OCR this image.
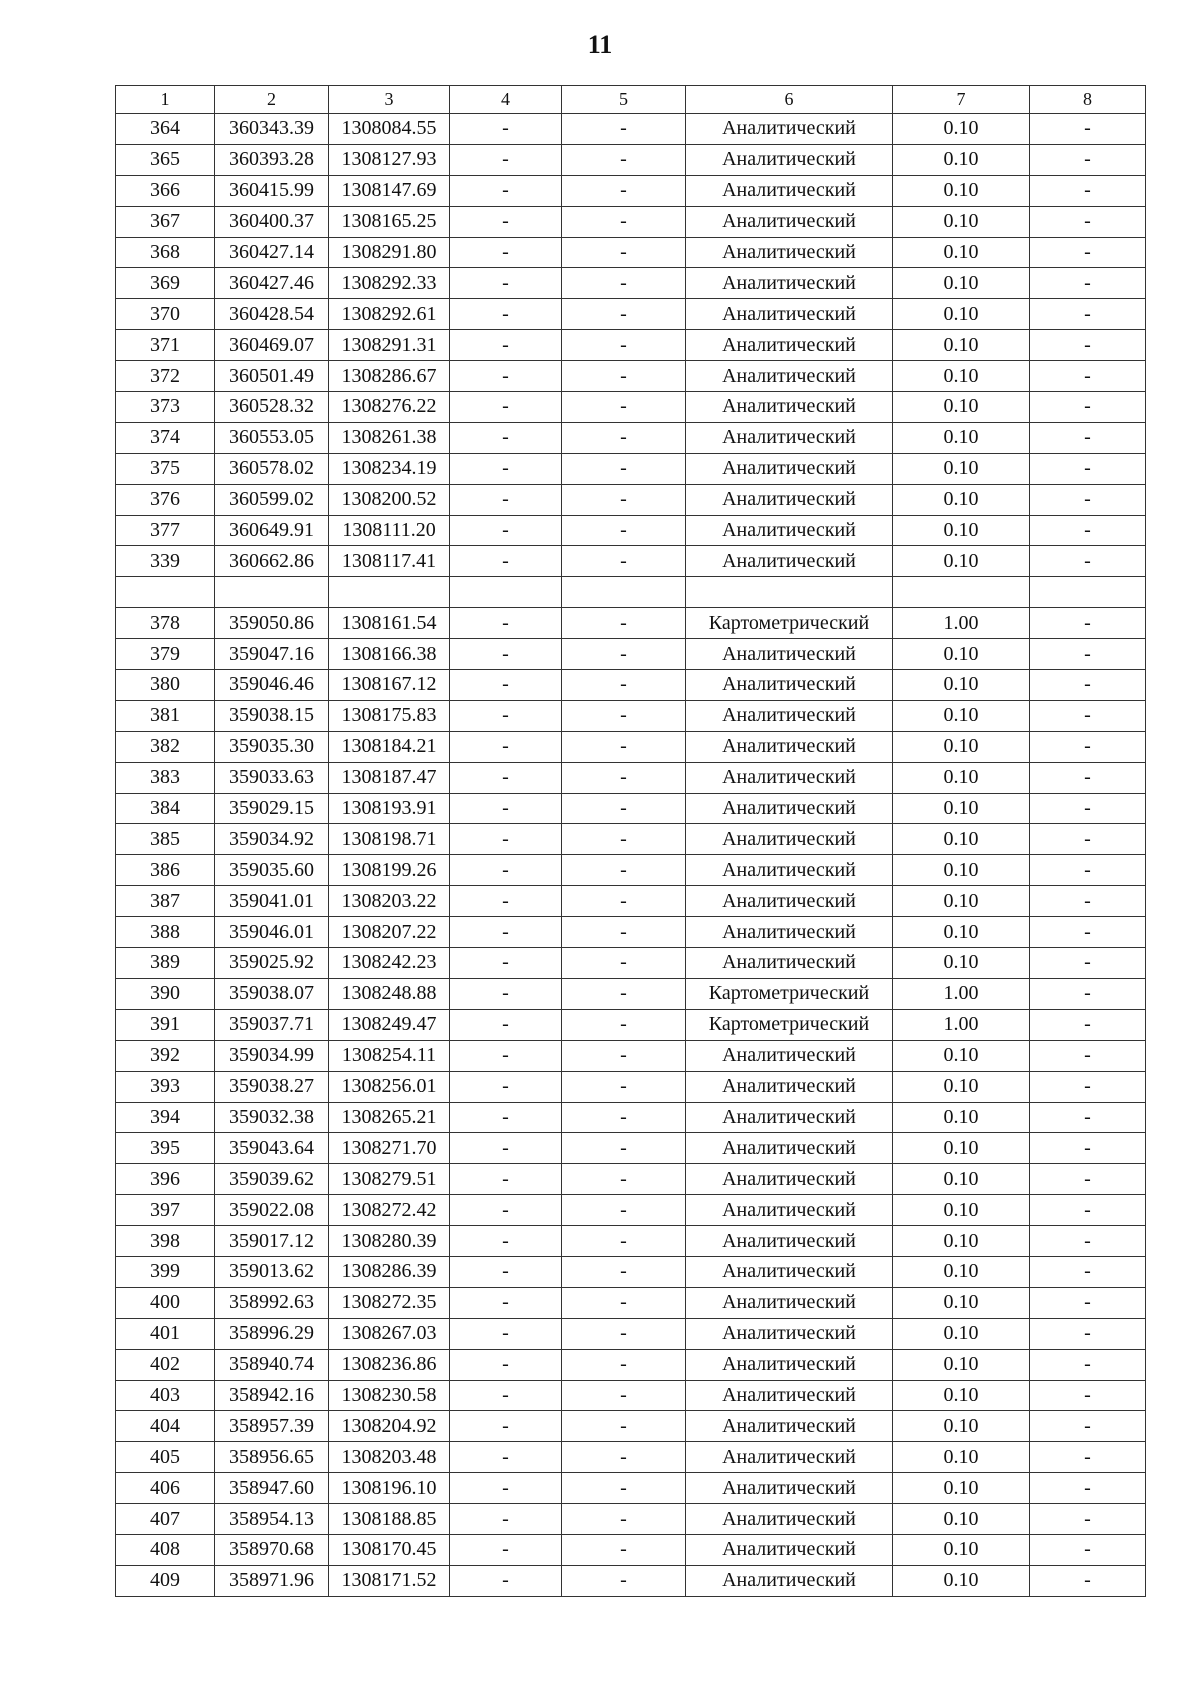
11
1	2	3	4	5	6	7	8
364	360343.39	1308084.55	-	-	Аналитический	0.10	-
365	360393.28	1308127.93	-	-	Аналитический	0.10	-
366	360415.99	1308147.69	-	-	Аналитический	0.10	-
367	360400.37	1308165.25	-	-	Аналитический	0.10	-
368	360427.14	1308291.80	-	-	Аналитический	0.10	-
369	360427.46	1308292.33	-	-	Аналитический	0.10	-
370	360428.54	1308292.61	-	-	Аналитический	0.10	-
371	360469.07	1308291.31	-	-	Аналитический	0.10	-
372	360501.49	1308286.67	-	-	Аналитический	0.10	-
373	360528.32	1308276.22	-	-	Аналитический	0.10	-
374	360553.05	1308261.38	-	-	Аналитический	0.10	-
375	360578.02	1308234.19	-	-	Аналитический	0.10	-
376	360599.02	1308200.52	-	-	Аналитический	0.10	-
377	360649.91	1308111.20	-	-	Аналитический	0.10	-
339	360662.86	1308117.41	-	-	Аналитический	0.10	-

378	359050.86	1308161.54	-	-	Картометрический	1.00	-
379	359047.16	1308166.38	-	-	Аналитический	0.10	-
380	359046.46	1308167.12	-	-	Аналитический	0.10	-
381	359038.15	1308175.83	-	-	Аналитический	0.10	-
382	359035.30	1308184.21	-	-	Аналитический	0.10	-
383	359033.63	1308187.47	-	-	Аналитический	0.10	-
384	359029.15	1308193.91	-	-	Аналитический	0.10	-
385	359034.92	1308198.71	-	-	Аналитический	0.10	-
386	359035.60	1308199.26	-	-	Аналитический	0.10	-
387	359041.01	1308203.22	-	-	Аналитический	0.10	-
388	359046.01	1308207.22	-	-	Аналитический	0.10	-
389	359025.92	1308242.23	-	-	Аналитический	0.10	-
390	359038.07	1308248.88	-	-	Картометрический	1.00	-
391	359037.71	1308249.47	-	-	Картометрический	1.00	-
392	359034.99	1308254.11	-	-	Аналитический	0.10	-
393	359038.27	1308256.01	-	-	Аналитический	0.10	-
394	359032.38	1308265.21	-	-	Аналитический	0.10	-
395	359043.64	1308271.70	-	-	Аналитический	0.10	-
396	359039.62	1308279.51	-	-	Аналитический	0.10	-
397	359022.08	1308272.42	-	-	Аналитический	0.10	-
398	359017.12	1308280.39	-	-	Аналитический	0.10	-
399	359013.62	1308286.39	-	-	Аналитический	0.10	-
400	358992.63	1308272.35	-	-	Аналитический	0.10	-
401	358996.29	1308267.03	-	-	Аналитический	0.10	-
402	358940.74	1308236.86	-	-	Аналитический	0.10	-
403	358942.16	1308230.58	-	-	Аналитический	0.10	-
404	358957.39	1308204.92	-	-	Аналитический	0.10	-
405	358956.65	1308203.48	-	-	Аналитический	0.10	-
406	358947.60	1308196.10	-	-	Аналитический	0.10	-
407	358954.13	1308188.85	-	-	Аналитический	0.10	-
408	358970.68	1308170.45	-	-	Аналитический	0.10	-
409	358971.96	1308171.52	-	-	Аналитический	0.10	-
